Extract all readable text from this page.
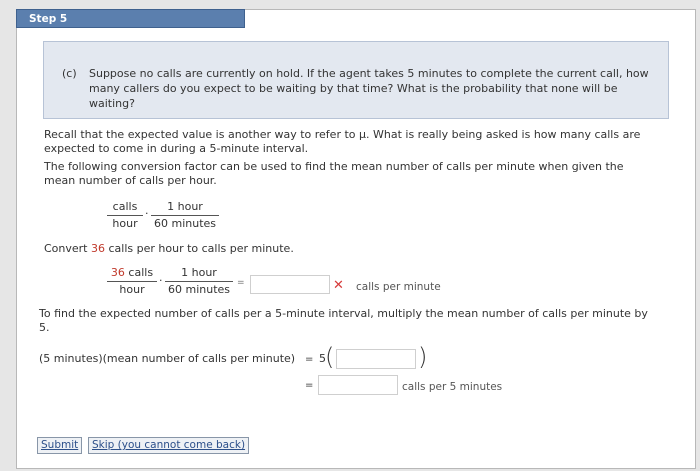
Step 5
(c) Suppose no calls are currently on hold. If the agent takes 5 minutes to complete the current call, how many callers do you expect to be waiting by that time? What is the probability that none will be waiting?
Recall that the expected value is another way to refer to μ. What is really being asked is how many calls are expected to come in during a 5-minute interval.
The following conversion factor can be used to find the mean number of calls per minute when given the mean number of calls per hour.
calls
hour
·
1 hour
60 minutes
Convert 36 calls per hour to calls per minute.
36 calls
hour
·
1 hour
60 minutes =	✕ calls per minute
To find the expected number of calls per a 5-minute interval, multiply the mean number of calls per minute by 5.
(5 minutes)(mean number of calls per minute) = 5 (	)
=	calls per 5 minutes
Submit	Skip (you cannot come back)
